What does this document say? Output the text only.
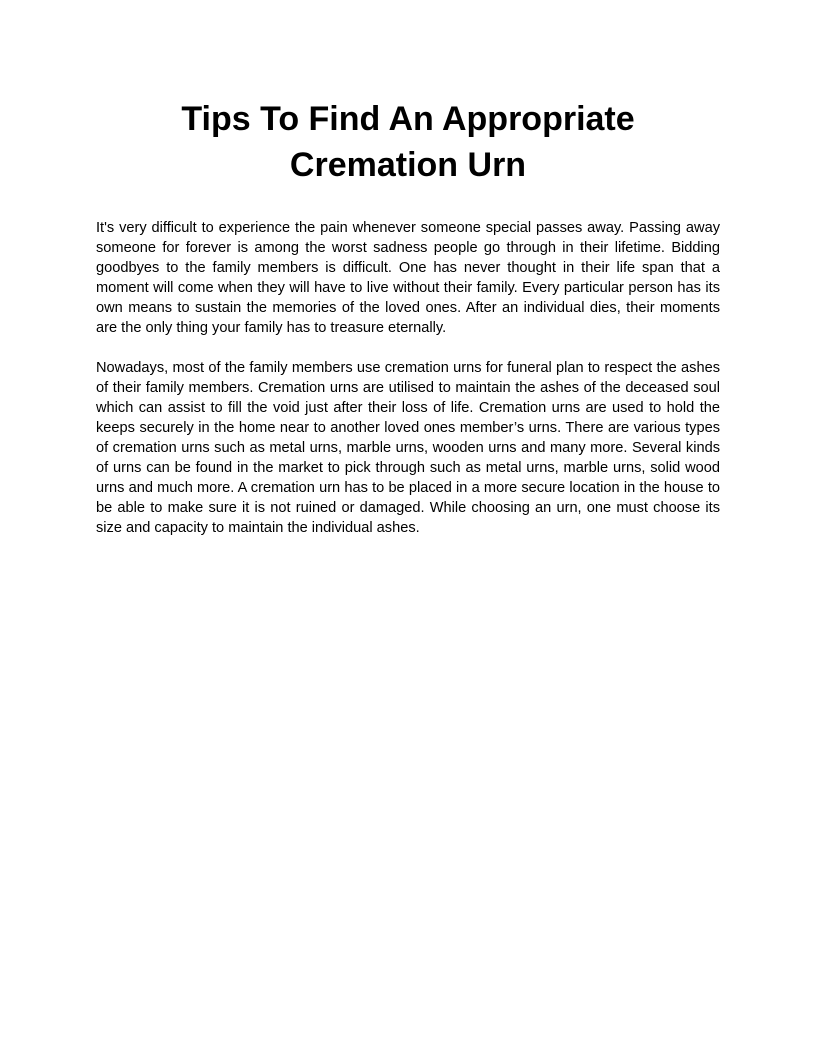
Tips To Find An Appropriate
Cremation Urn

It's very difficult to experience the pain whenever someone special passes away. Passing away someone for forever is among the worst sadness people go through in their lifetime. Bidding goodbyes to the family members is difficult. One has never thought in their life span that a moment will come when they will have to live without their family. Every particular person has its own means to sustain the memories of the loved ones. After an individual dies, their moments are the only thing your family has to treasure eternally.

Nowadays, most of the family members use cremation urns for funeral plan to respect the ashes of their family members. Cremation urns are utilised to maintain the ashes of the deceased soul which can assist to fill the void just after their loss of life. Cremation urns are used to hold the keeps securely in the home near to another loved ones member’s urns. There are various types of cremation urns such as metal urns, marble urns, wooden urns and many more. Several kinds of urns can be found in the market to pick through such as metal urns, marble urns, solid wood urns and much more. A cremation urn has to be placed in a more secure location in the house to be able to make sure it is not ruined or damaged. While choosing an urn, one must choose its size and capacity to maintain the individual ashes.
